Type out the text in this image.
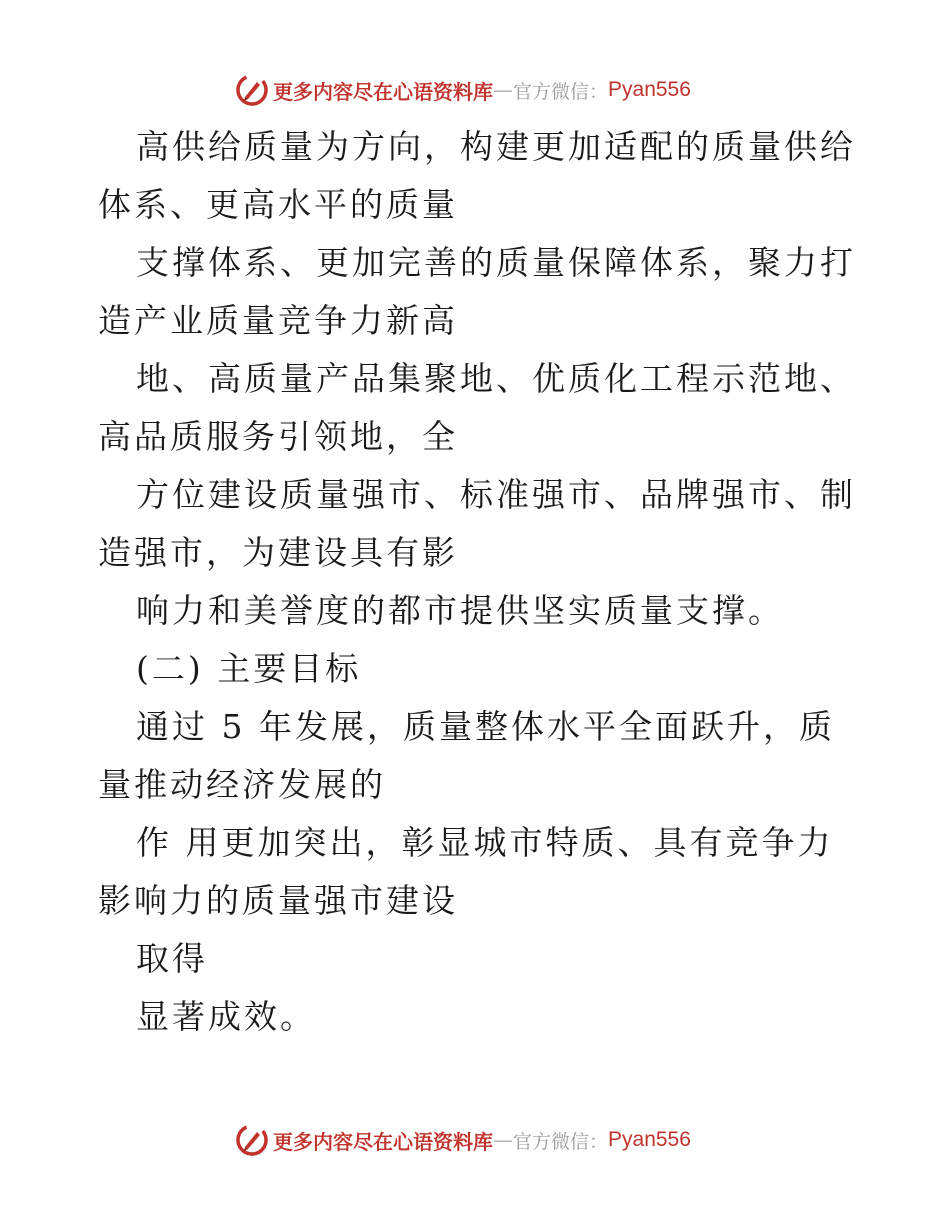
更多内容尽在心语资料库 — 官方微信： Pyan556

高供给质量为方向，构建更加适配的质量供给体系、更高水平的质量

支撑体系、更加完善的质量保障体系，聚力打造产业质量竞争力新高

地、高质量产品集聚地、优质化工程示范地、高品质服务引领地，全

方位建设质量强市、标准强市、品牌强市、制造强市，为建设具有影

响力和美誉度的都市提供坚实质量支撑。

(二) 主要目标

通过 5 年发展，质量整体水平全面跃升，质量推动经济发展的

作 用更加突出，彰显城市特质、具有竞争力影响力的质量强市建设

取得

显著成效。

更多内容尽在心语资料库 — 官方微信： Pyan556
